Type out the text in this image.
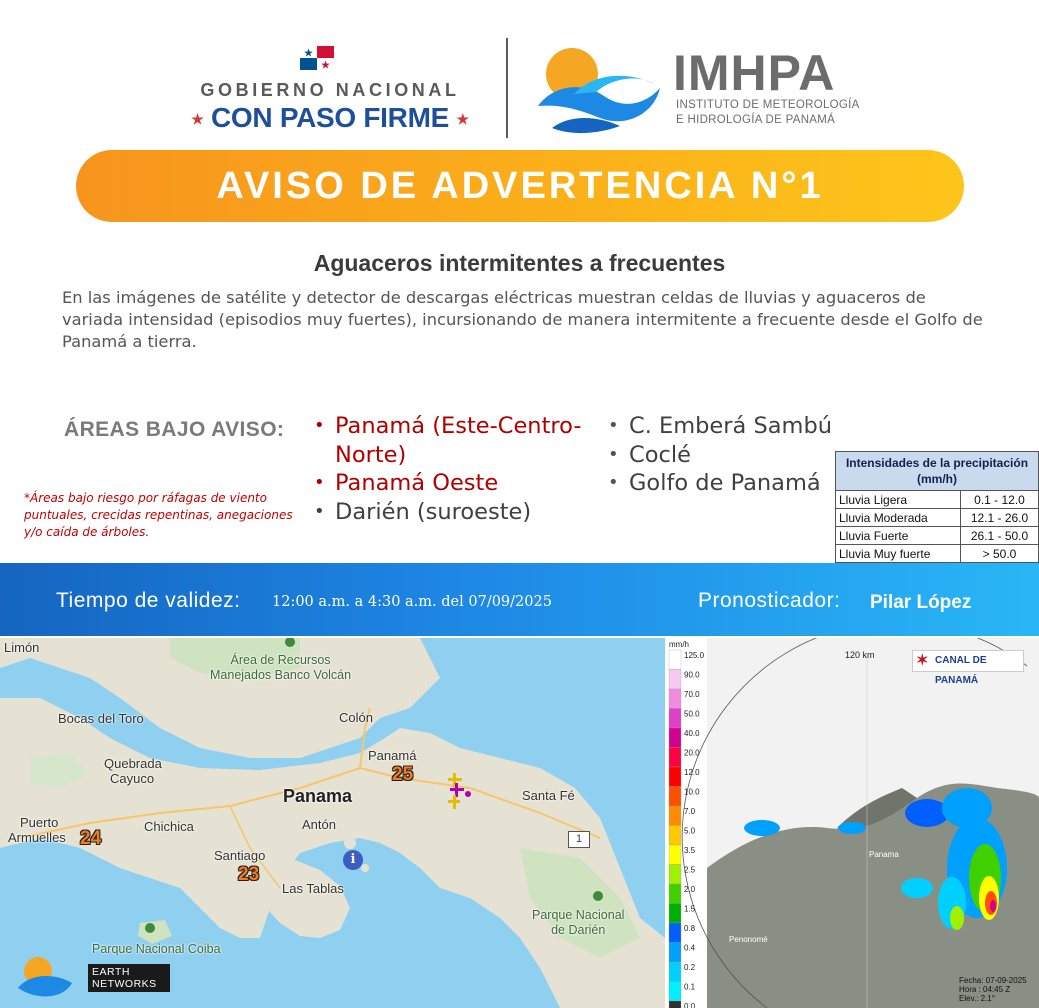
GOBIERNO NACIONAL
★ CON PASO FIRME ★
IMHPA
INSTITUTO DE METEOROLOGÍA
E HIDROLOGÍA DE PANAMÁ
AVISO DE ADVERTENCIA N°1
Aguaceros intermitentes a frecuentes
En las imágenes de satélite y detector de descargas eléctricas muestran celdas de lluvias y aguaceros de variada intensidad (episodios muy fuertes), incursionando de manera intermitente a frecuente desde el Golfo de Panamá a tierra.
ÁREAS BAJO AVISO:	• Panamá (Este-Centro-Norte)
• Panamá Oeste
• Darién (suroeste)
• C. Emberá Sambú
• Coclé
• Golfo de Panamá
*Áreas bajo riesgo por ráfagas de viento puntuales, crecidas repentinas, anegaciones y/o caída de árboles.
Intensidades de la precipitación (mm/h)	
Lluvia Ligera	0.1 - 12.0
Lluvia Moderada	12.1 - 26.0
Lluvia Fuerte	26.1 - 50.0
Lluvia Muy fuerte	> 50.0
Tiempo de validez: 12:00 a.m. a 4:30 a.m. del 07/09/2025	Pronosticador: Pilar López
Limón
Área de Recursos
Manejados Banco Volcán
Bocas del Toro	Colón
Quebrada
Cayuco
Panamá
Panama	Santa Fé
Puerto
Armuelles
Chichica	Antón
Santiago
Las Tablas
Parque Nacional
de Darién
Parque Nacional Coiba
25
24
23
i
1
EARTH
NETWORKS
125.0
90.0
70.0
50.0
40.0
20.0
12.0
10.0
7.0
5.0
3.5
2.5
2.0
1.5
0.8
0.4
0.2
0.1
0.0
mm/h
120 km
Panama
Penonomé
Fecha: 07-09-2025
Hora : 04:45 Z
Elev.: 2.1°
✶ CANAL DE PANAMÁ
